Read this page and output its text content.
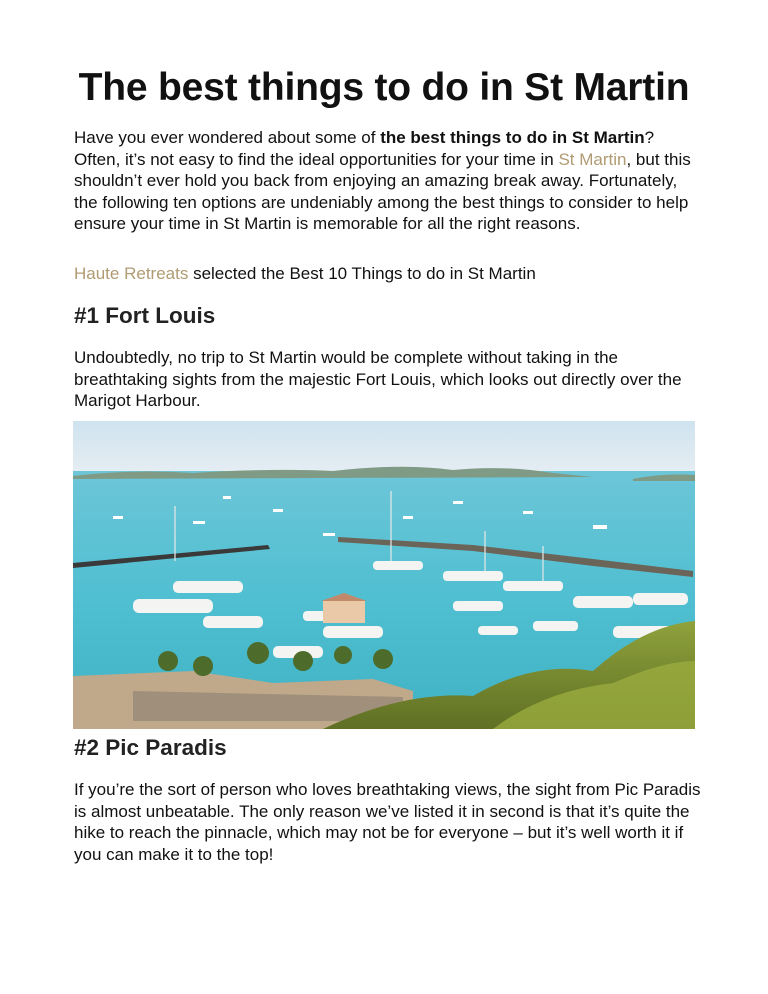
The best things to do in St Martin

Have you ever wondered about some of the best things to do in St Martin? Often, it’s not easy to find the ideal opportunities for your time in St Martin, but this shouldn’t ever hold you back from enjoying an amazing break away. Fortunately, the following ten options are undeniably among the best things to consider to help ensure your time in St Martin is memorable for all the right reasons.

Haute Retreats selected the Best 10 Things to do in St Martin

#1 Fort Louis

Undoubtedly, no trip to St Martin would be complete without taking in the breathtaking sights from the majestic Fort Louis, which looks out directly over the Marigot Harbour.

#2 Pic Paradis

If you’re the sort of person who loves breathtaking views, the sight from Pic Paradis is almost unbeatable. The only reason we’ve listed it in second is that it’s quite the hike to reach the pinnacle, which may not be for everyone – but it’s well worth it if you can make it to the top!
